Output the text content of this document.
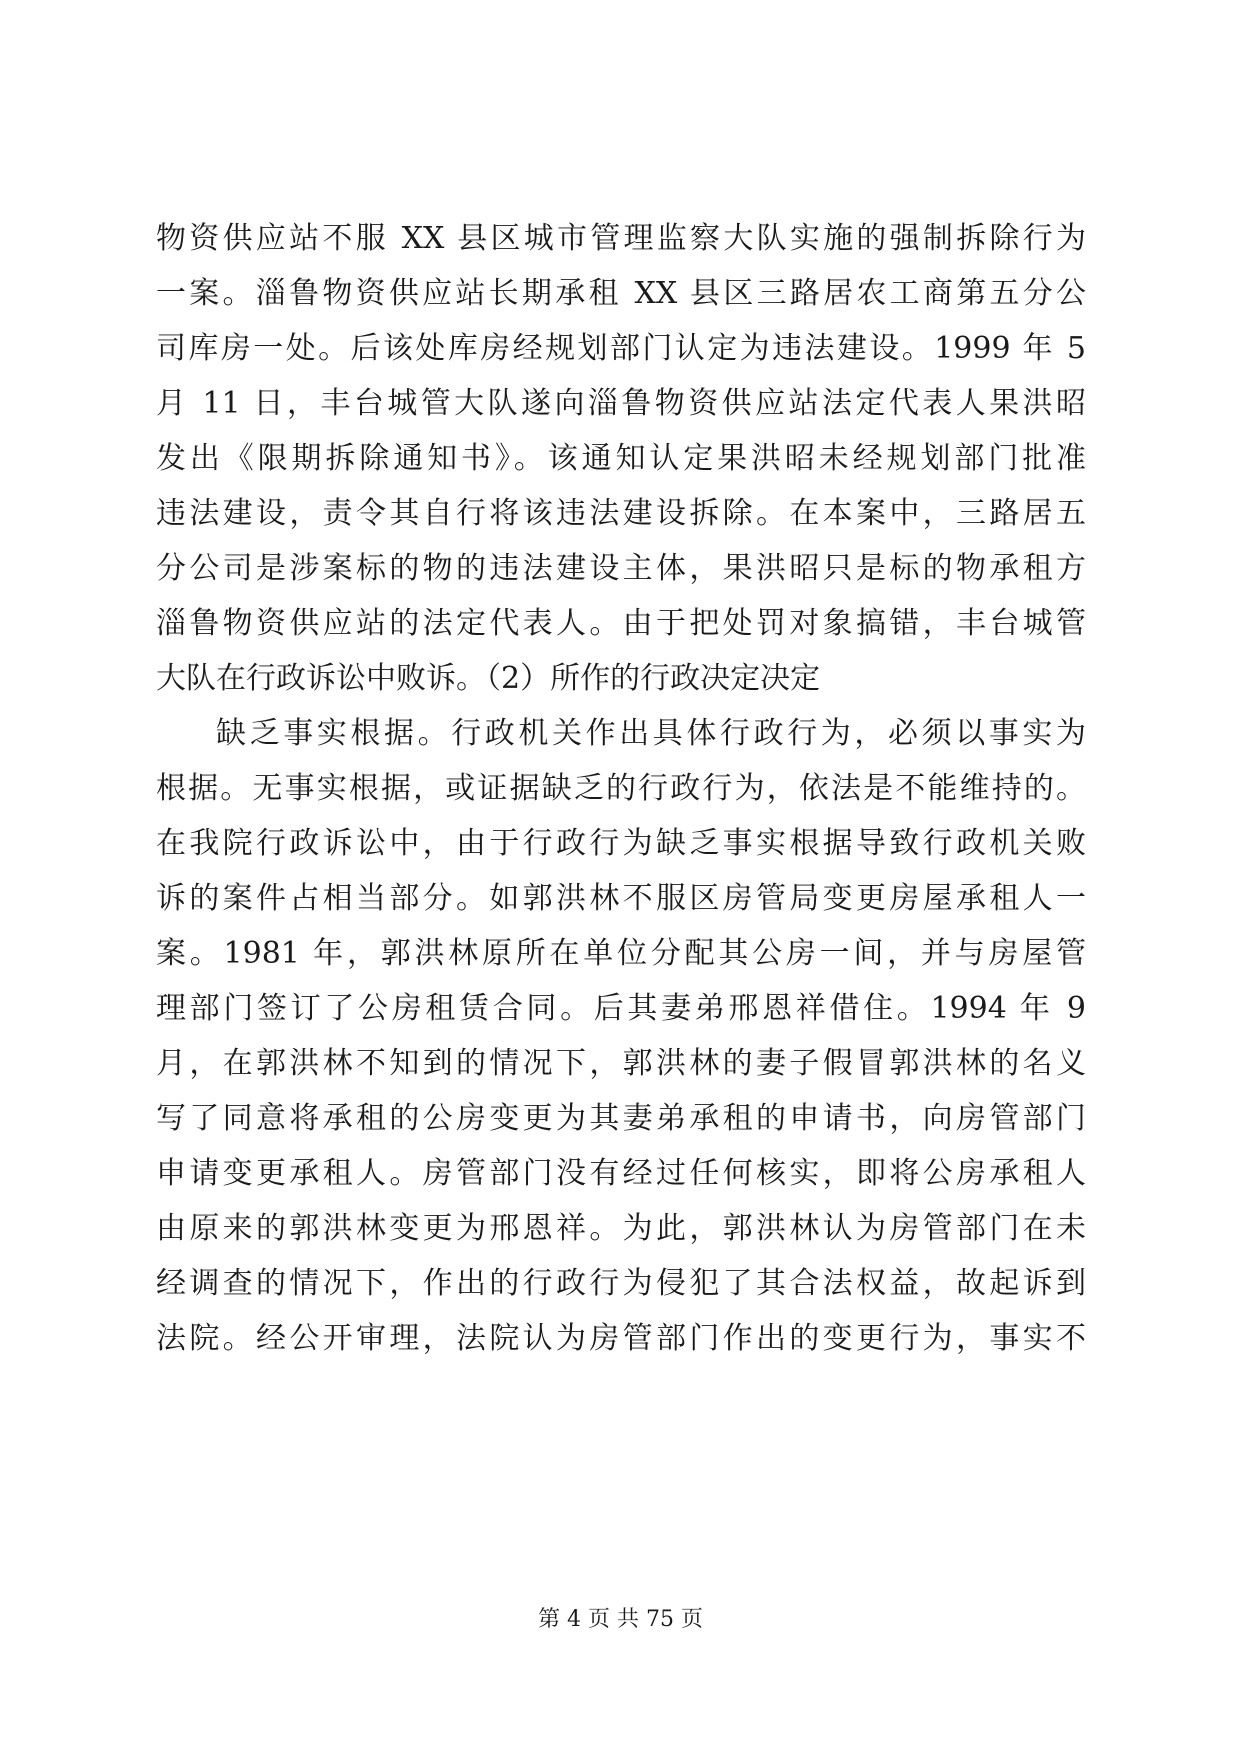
物资供应站不服 XX 县区城市管理监察大队实施的强制拆除行为
一案。淄鲁物资供应站长期承租 XX 县区三路居农工商第五分公
司库房一处。后该处库房经规划部门认定为违法建设。1999 年 5
月 11 日，丰台城管大队遂向淄鲁物资供应站法定代表人果洪昭
发出《限期拆除通知书》。该通知认定果洪昭未经规划部门批准
违法建设，责令其自行将该违法建设拆除。在本案中，三路居五
分公司是涉案标的物的违法建设主体，果洪昭只是标的物承租方
淄鲁物资供应站的法定代表人。由于把处罚对象搞错，丰台城管
大队在行政诉讼中败诉。（2）所作的行政决定决定
缺乏事实根据。行政机关作出具体行政行为，必须以事实为
根据。无事实根据，或证据缺乏的行政行为，依法是不能维持的。
在我院行政诉讼中，由于行政行为缺乏事实根据导致行政机关败
诉的案件占相当部分。如郭洪林不服区房管局变更房屋承租人一
案。1981 年，郭洪林原所在单位分配其公房一间，并与房屋管
理部门签订了公房租赁合同。后其妻弟邢恩祥借住。1994 年 9
月，在郭洪林不知到的情况下，郭洪林的妻子假冒郭洪林的名义
写了同意将承租的公房变更为其妻弟承租的申请书，向房管部门
申请变更承租人。房管部门没有经过任何核实，即将公房承租人
由原来的郭洪林变更为邢恩祥。为此，郭洪林认为房管部门在未
经调查的情况下，作出的行政行为侵犯了其合法权益，故起诉到
法院。经公开审理，法院认为房管部门作出的变更行为，事实不
第 4 页 共 75 页
